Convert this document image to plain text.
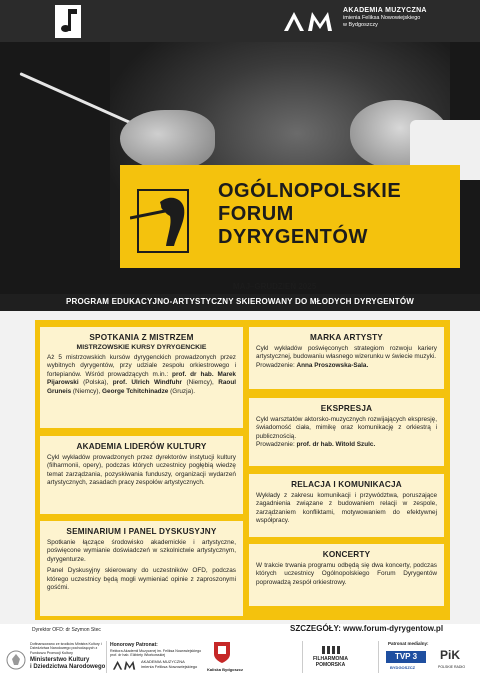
AKADEMIA MUZYCZNA
imienia Feliksa Nowowiejskiego
w Bydgoszczy
OGÓLNOPOLSKIE
FORUM
DYRYGENTÓW
MAJ–GRUDZIEŃ 2025
PROGRAM EDUKACYJNO-ARTYSTYCZNY SKIEROWANY DO MŁODYCH DYRYGENTÓW
SPOTKANIA Z MISTRZEM
MISTRZOWSKIE KURSY DYRYGENCKIE

Aż 5 mistrzowskich kursów dyrygenckich prowadzonych przez wybitnych dyrygentów, przy udziale zespołu orkiestrowego i fortepianów. Wśród prowadzących m.in.: prof. dr hab. Marek Pijarowski (Polska), prof. Ulrich Windfuhr (Niemcy), Raoul Gruneis (Niemcy), George Tchitchinadze (Gruzja).

AKADEMIA LIDERÓW KULTURY

Cykl wykładów prowadzonych przez dyrektorów instytucji kultury (filharmonii, opery), podczas których uczestnicy pogłębią wiedzę temat zarządzania, pozyskiwania funduszy, organizacji wydarzeń artystycznych, zasadach pracy zespołów artystycznych.

SEMINARIUM I PANEL DYSKUSYJNY

Spotkanie łączące środowisko akademickie i artystyczne, poświęcone wymianie doświadczeń w szkolnictwie artystycznym, dyrygenturze.

Panel Dyskusyjny skierowany do uczestników OFD, podczas którego uczestnicy będą mogli wymieniać opinie z zaproszonymi gośćmi.

MARKA ARTYSTY

Cykl wykładów poświęconych strategiom rozwoju kariery artystycznej, budowaniu własnego wizerunku w świecie muzyki.
Prowadzenie: Anna Proszowska-Sala.

EKSPRESJA

Cykl warsztatów aktorsko-muzycznych rozwijających ekspresję, świadomość ciała, mimikę oraz komunikację z orkiestrą i publicznością.
Prowadzenie: prof. dr hab. Witold Szulc.

RELACJA I KOMUNIKACJA

Wykłady z zakresu komunikacji i przywództwa, poruszające zagadnienia związane z budowaniem relacji w zespole, zarządzaniem konfliktami, motywowaniem do efektywnej współpracy.

KONCERTY

W trakcie trwania programu odbędą się dwa koncerty, podczas których uczestnicy Ogólnopolskiego Forum Dyrygentów poprowadzą zespół orkiestrowy.

Dyrektor OFD: dr Szymon Stec	SZCZEGÓŁY: www.forum-dyrygentow.pl
Dofinansowano ze środków Ministra Kultury i Dziedzictwa Narodowego pochodzących z Funduszu Promocji Kultury
Ministerstwo Kultury
i Dziedzictwa Narodowego
Honorowy Patronat:
Rektora Akademii Muzycznej im. Feliksa Nowowiejskiego prof. dr hab. Elżbiety Wtorkowskiej
AKADEMIA MUZYCZNA
imienia Feliksa Nowowiejskiego
Kaliska Bydgoszcz
FILHARMONIA
POMORSKA
Patronat medialny:
TVP 3
BYDGOSZCZ
PiK
POLSKIE RADIO
